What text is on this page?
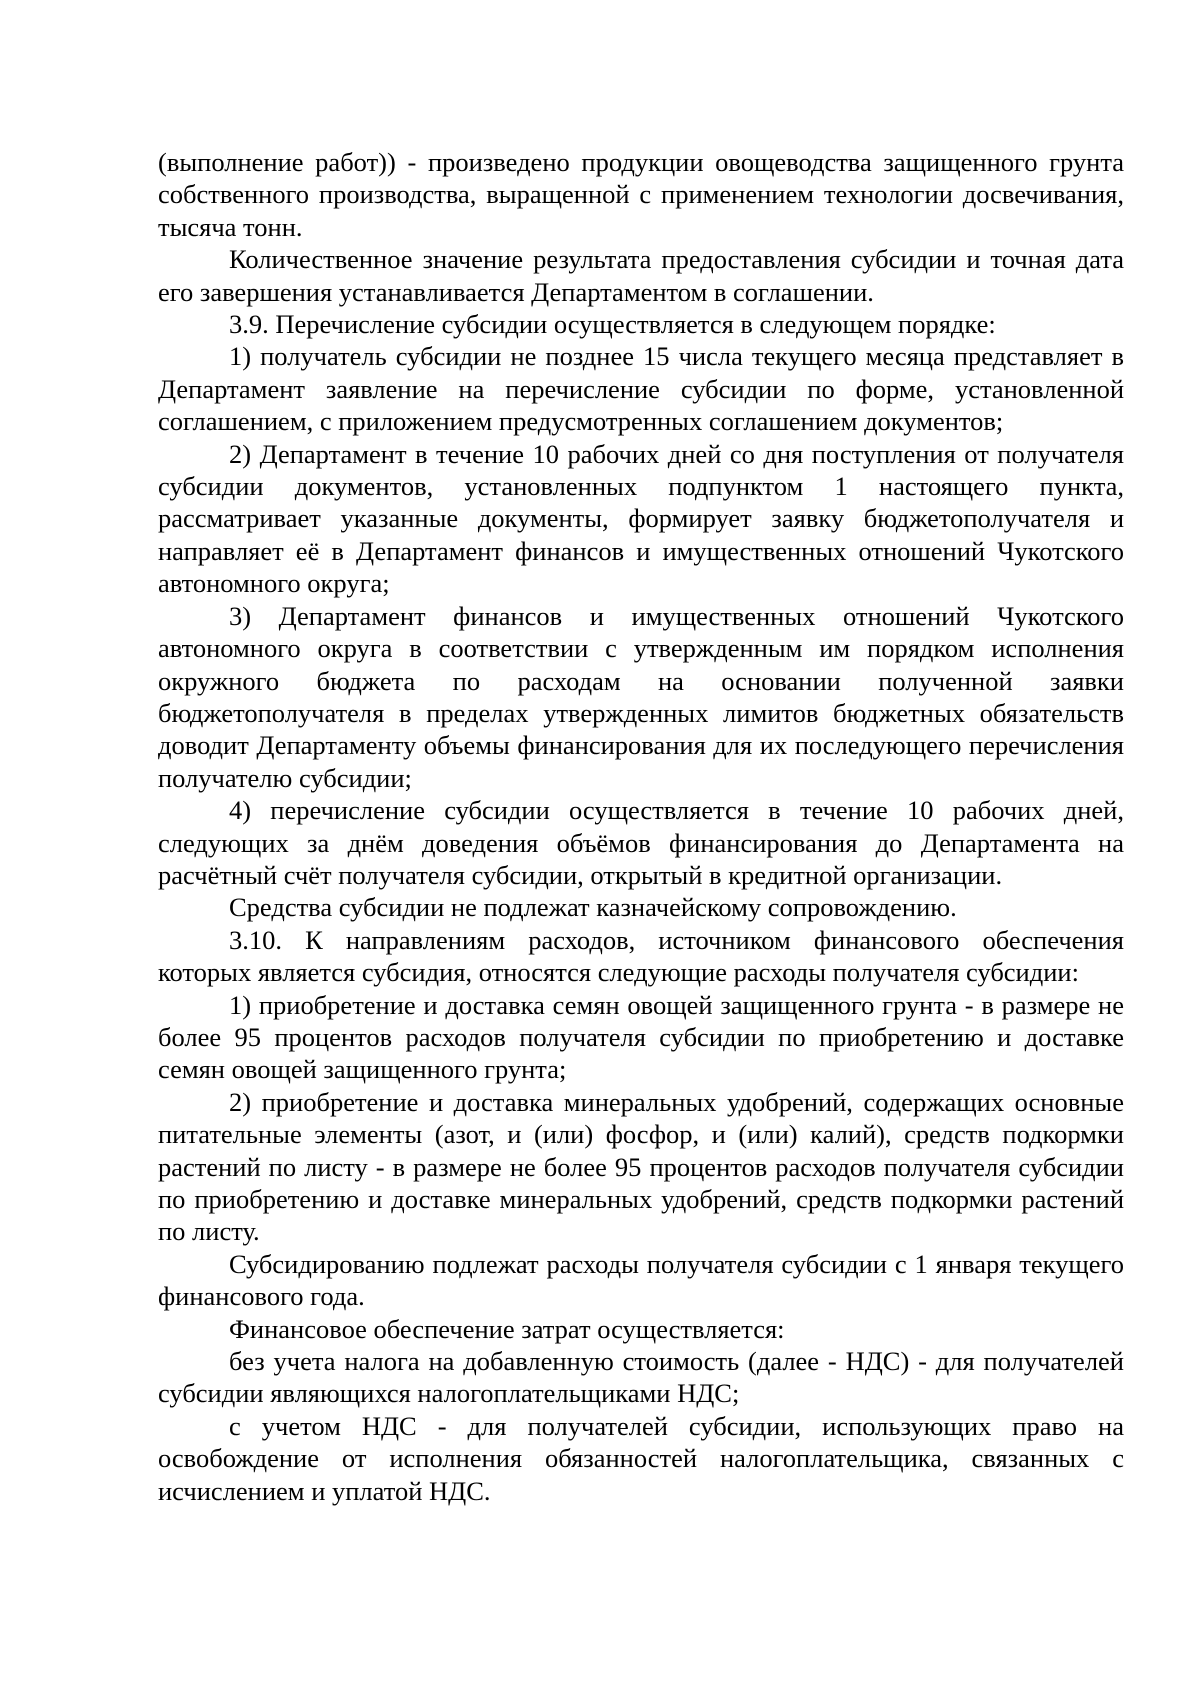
(выполнение работ)) - произведено продукции овощеводства защищенного грунта собственного производства, выращенной с применением технологии досвечивания, тысяча тонн.

Количественное значение результата предоставления субсидии и точная дата его завершения устанавливается Департаментом в соглашении.

3.9. Перечисление субсидии осуществляется в следующем порядке:

1) получатель субсидии не позднее 15 числа текущего месяца представляет в Департамент заявление на перечисление субсидии по форме, установленной соглашением, с приложением предусмотренных соглашением документов;

2) Департамент в течение 10 рабочих дней со дня поступления от получателя субсидии документов, установленных подпунктом 1 настоящего пункта, рассматривает указанные документы, формирует заявку бюджетополучателя и направляет её в Департамент финансов и имущественных отношений Чукотского автономного округа;

3) Департамент финансов и имущественных отношений Чукотского автономного округа в соответствии с утвержденным им порядком исполнения окружного бюджета по расходам на основании полученной заявки бюджетополучателя в пределах утвержденных лимитов бюджетных обязательств доводит Департаменту объемы финансирования для их последующего перечисления получателю субсидии;

4) перечисление субсидии осуществляется в течение 10 рабочих дней, следующих за днём доведения объёмов финансирования до Департамента на расчётный счёт получателя субсидии, открытый в кредитной организации.

Средства субсидии не подлежат казначейскому сопровождению.

3.10. К направлениям расходов, источником финансового обеспечения которых является субсидия, относятся следующие расходы получателя субсидии:

1) приобретение и доставка семян овощей защищенного грунта - в размере не более 95 процентов расходов получателя субсидии по приобретению и доставке семян овощей защищенного грунта;

2) приобретение и доставка минеральных удобрений, содержащих основные питательные элементы (азот, и (или) фосфор, и (или) калий), средств подкормки растений по листу - в размере не более 95 процентов расходов получателя субсидии по приобретению и доставке минеральных удобрений, средств подкормки растений по листу.

Субсидированию подлежат расходы получателя субсидии с 1 января текущего финансового года.

Финансовое обеспечение затрат осуществляется:

без учета налога на добавленную стоимость (далее - НДС) - для получателей субсидии являющихся налогоплательщиками НДС;

с учетом НДС - для получателей субсидии, использующих право на освобождение от исполнения обязанностей налогоплательщика, связанных с исчислением и уплатой НДС.
